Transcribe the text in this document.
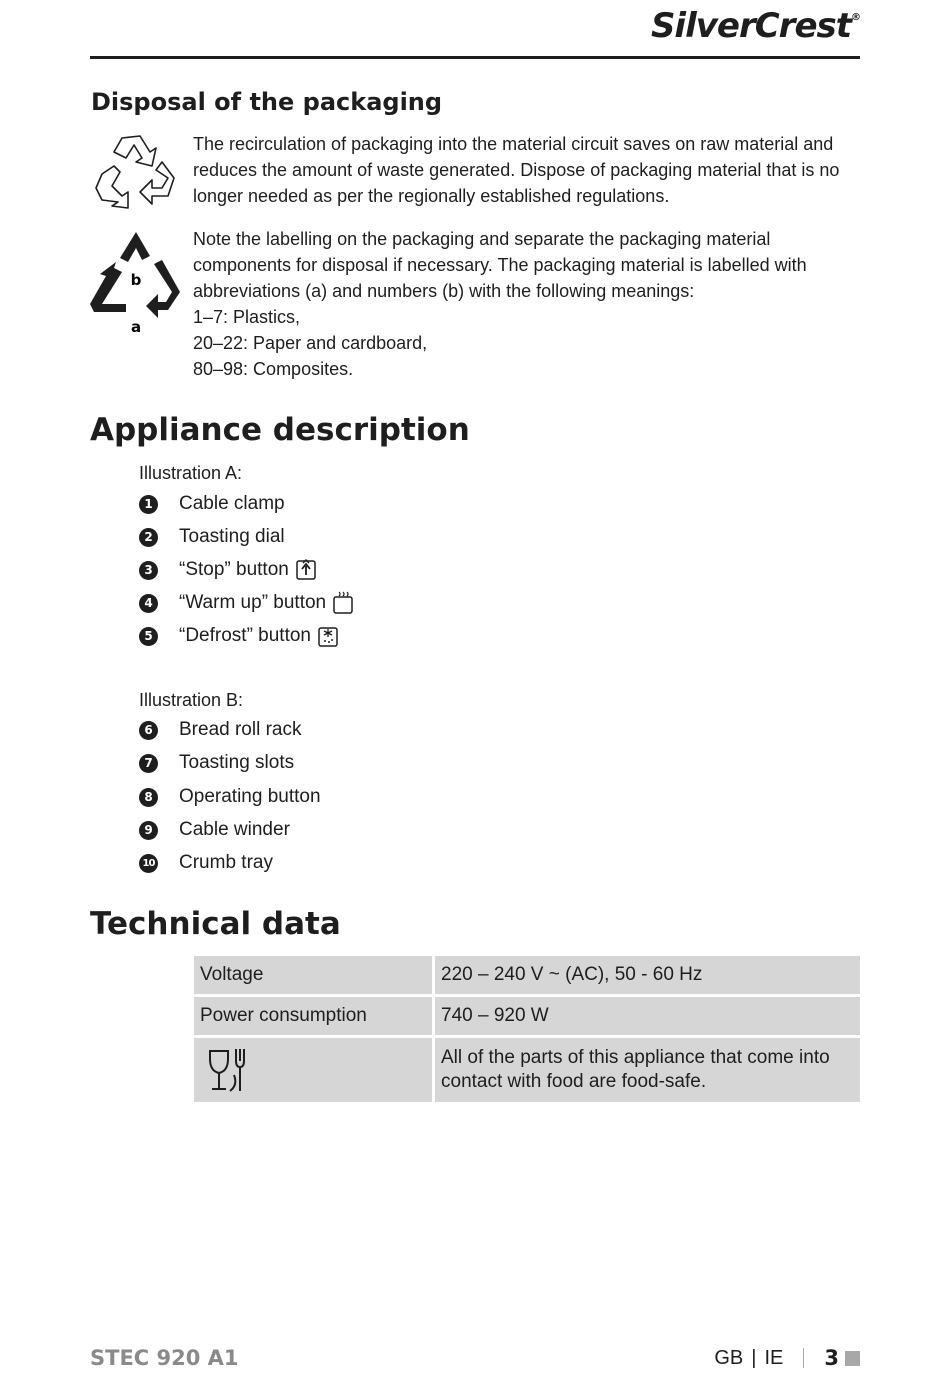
SilverCrest®
Disposal of the packaging

The recirculation of packaging into the material circuit saves on raw material and reduces the amount of waste generated. Dispose of packaging material that is no longer needed as per the regionally established regulations.

b
a

Note the labelling on the packaging and separate the packaging material components for disposal if necessary. The packaging material is labelled with abbreviations (a) and numbers (b) with the following meanings:
1–7: Plastics,
20–22: Paper and cardboard,
80–98: Composites.

Appliance description

Illustration A:

1 Cable clamp
2 Toasting dial
3 “Stop” button
4 “Warm up” button
5 “Defrost” button

Illustration B:

6 Bread roll rack
7 Toasting slots
8 Operating button
9 Cable winder
10 Crumb tray
Technical data
Voltage	220 – 240 V ~ (AC), 50 - 60 Hz
Power consumption	740 – 920 W

	All of the parts of this appliance that come into contact with food are food-safe.
STEC 920 A1	GB | IE 3
